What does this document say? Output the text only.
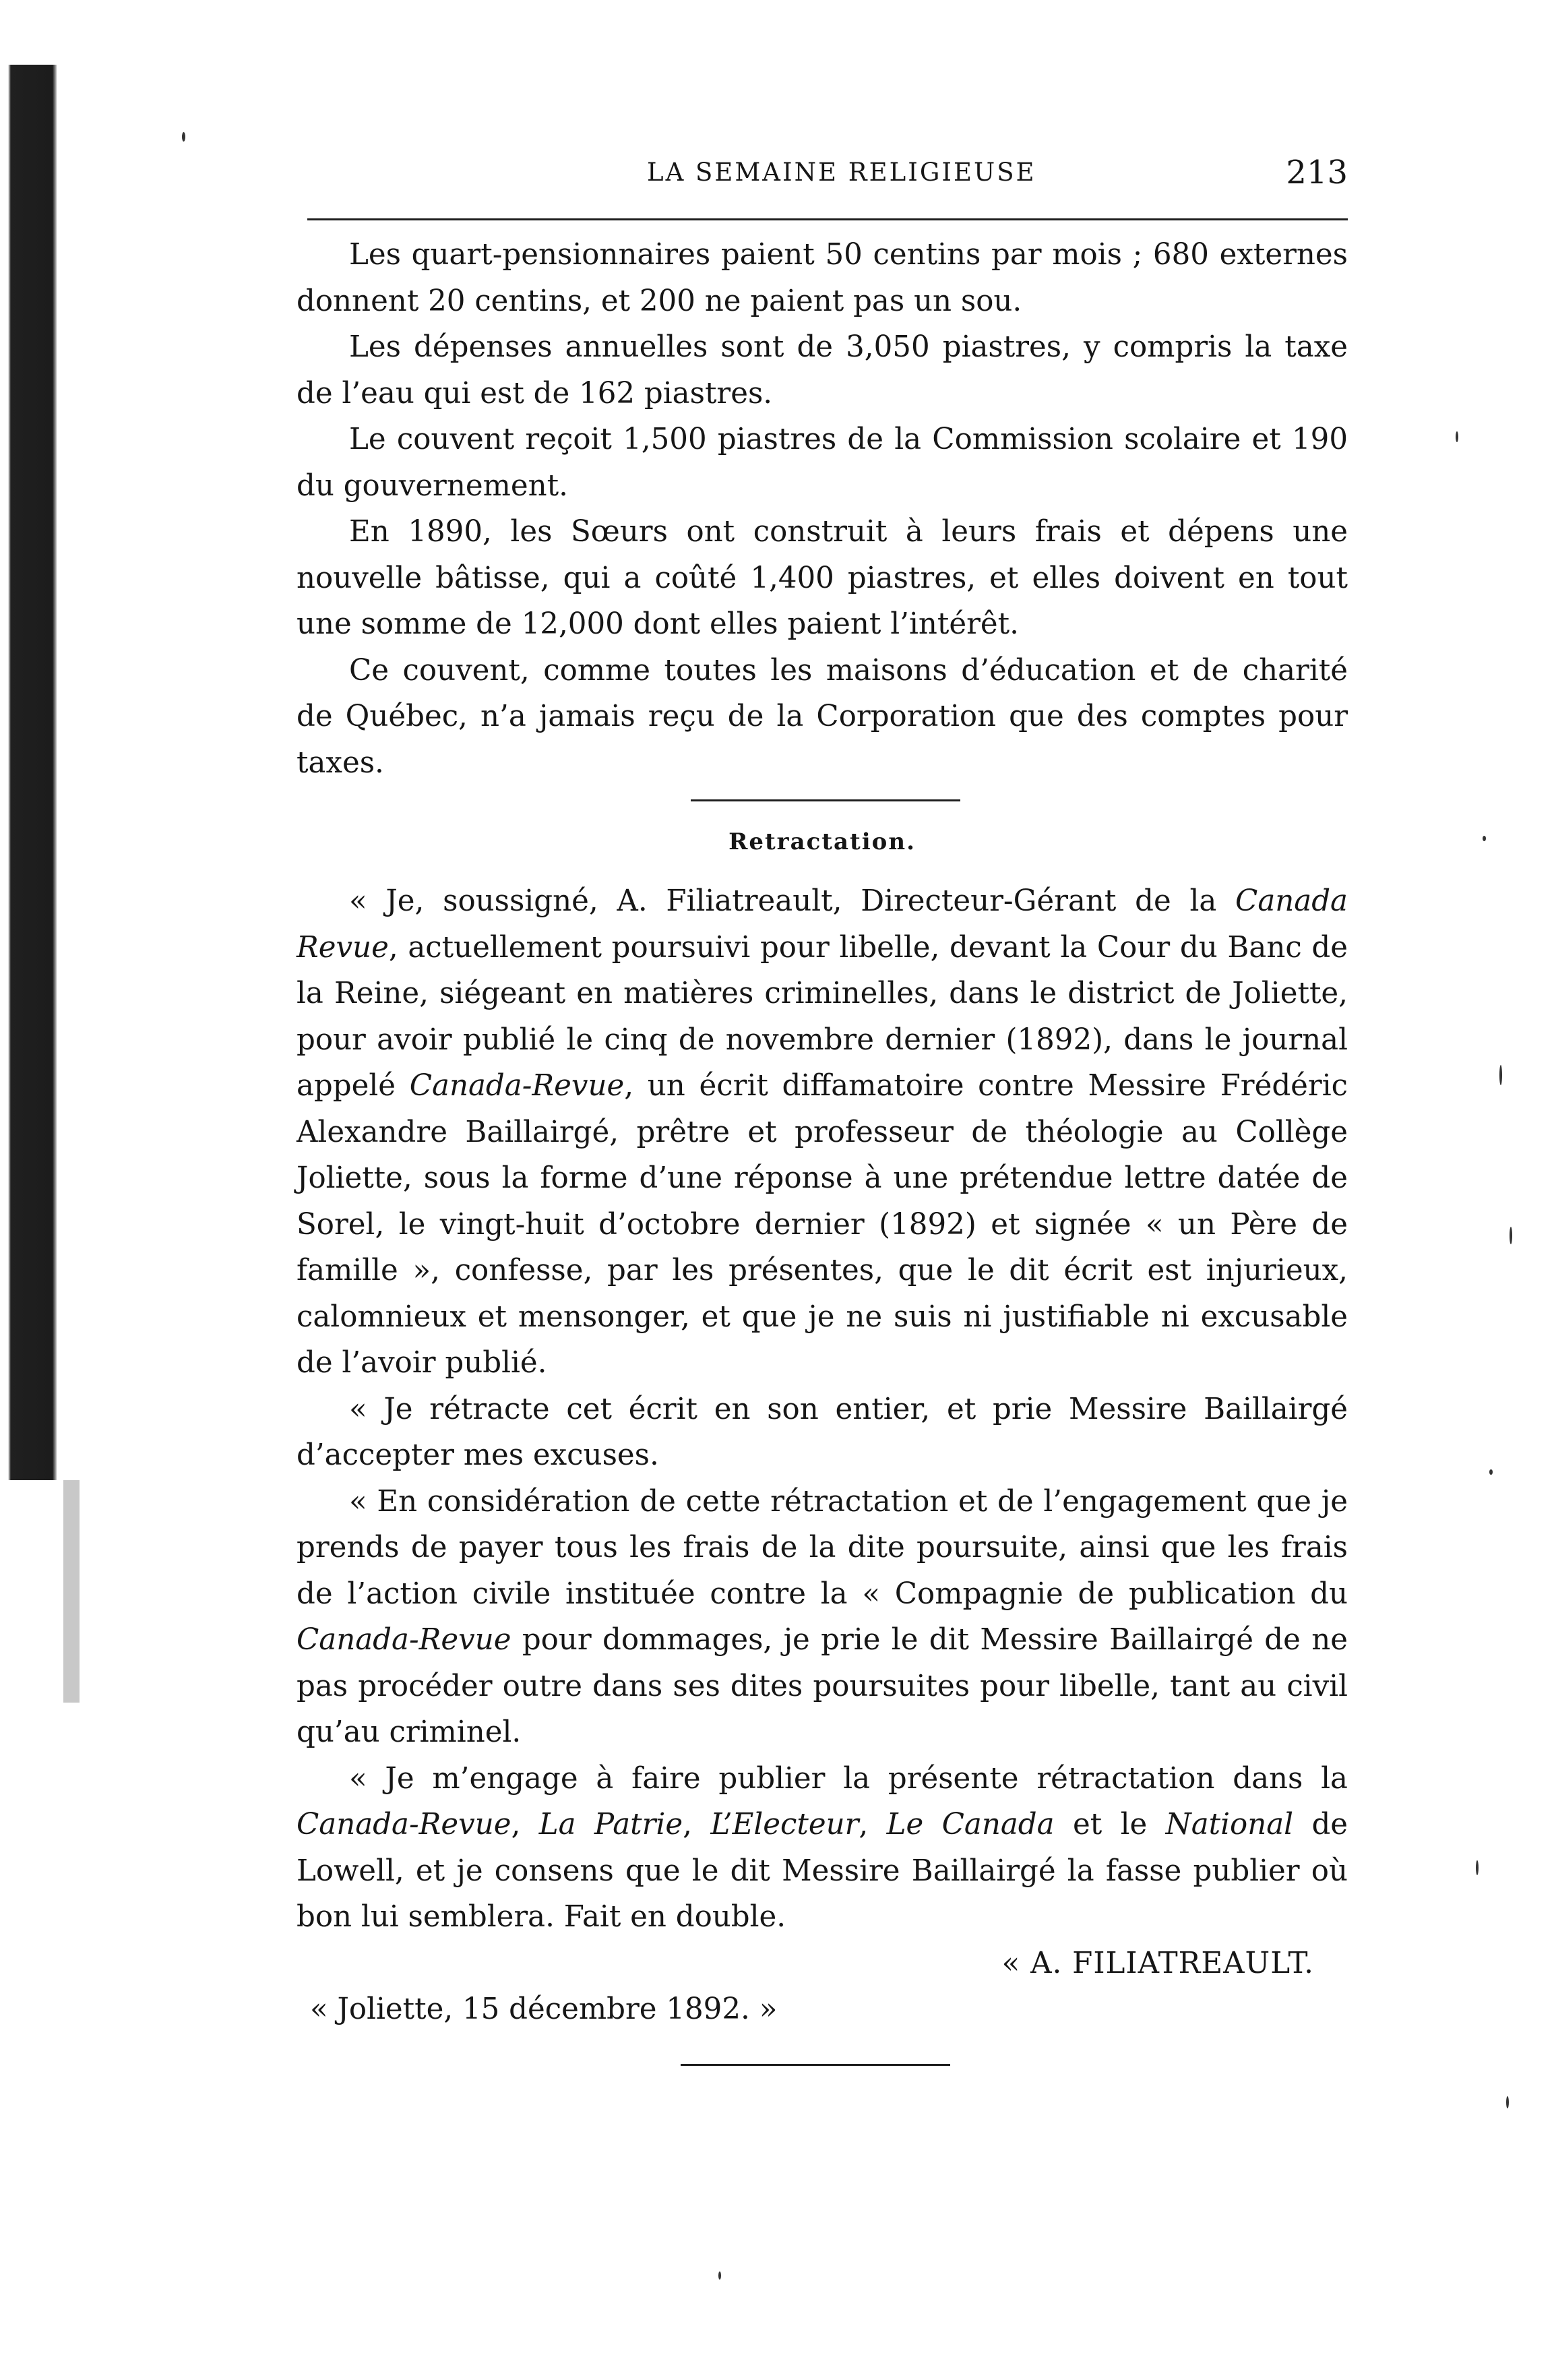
LA SEMAINE RELIGIEUSE	213

Les quart-pensionnaires paient 50 centins par mois ; 680 externes donnent 20 centins, et 200 ne paient pas un sou.

Les dépenses annuelles sont de 3,050 piastres, y compris la taxe de l’eau qui est de 162 piastres.

Le couvent reçoit 1,500 piastres de la Commission scolaire et 190 du gouvernement.

En 1890, les Sœurs ont construit à leurs frais et dépens une nouvelle bâtisse, qui a coûté 1,400 piastres, et elles doivent en tout une somme de 12,000 dont elles paient l’intérêt.

Ce couvent, comme toutes les maisons d’éducation et de charité de Québec, n’a jamais reçu de la Corporation que des comptes pour taxes.

Retractation.

« Je, soussigné, A. Filiatreault, Directeur-Gérant de la Canada Revue, actuellement poursuivi pour libelle, devant la Cour du Banc de la Reine, siégeant en matières criminelles, dans le district de Joliette, pour avoir publié le cinq de novembre dernier (1892), dans le journal appelé Canada-Revue, un écrit diffamatoire contre Messire Frédéric Alexandre Baillairgé, prêtre et professeur de théologie au Collège Joliette, sous la forme d’une réponse à une prétendue lettre datée de Sorel, le vingt-huit d’octobre dernier (1892) et signée « un Père de famille », confesse, par les présentes, que le dit écrit est injurieux, calomnieux et mensonger, et que je ne suis ni justifiable ni excusable de l’avoir publié.

« Je rétracte cet écrit en son entier, et prie Messire Baillairgé d’accepter mes excuses.

« En considération de cette rétractation et de l’engagement que je prends de payer tous les frais de la dite poursuite, ainsi que les frais de l’action civile instituée contre la « Compagnie de publication du Canada-Revue pour dommages, je prie le dit Messire Baillairgé de ne pas procéder outre dans ses dites poursuites pour libelle, tant au civil qu’au criminel.

« Je m’engage à faire publier la présente rétractation dans la Canada-Revue, La Patrie, L’Electeur, Le Canada et le National de Lowell, et je consens que le dit Messire Baillairgé la fasse publier où bon lui semblera. Fait en double.

« A. FILIATREAULT.

« Joliette, 15 décembre 1892. »
